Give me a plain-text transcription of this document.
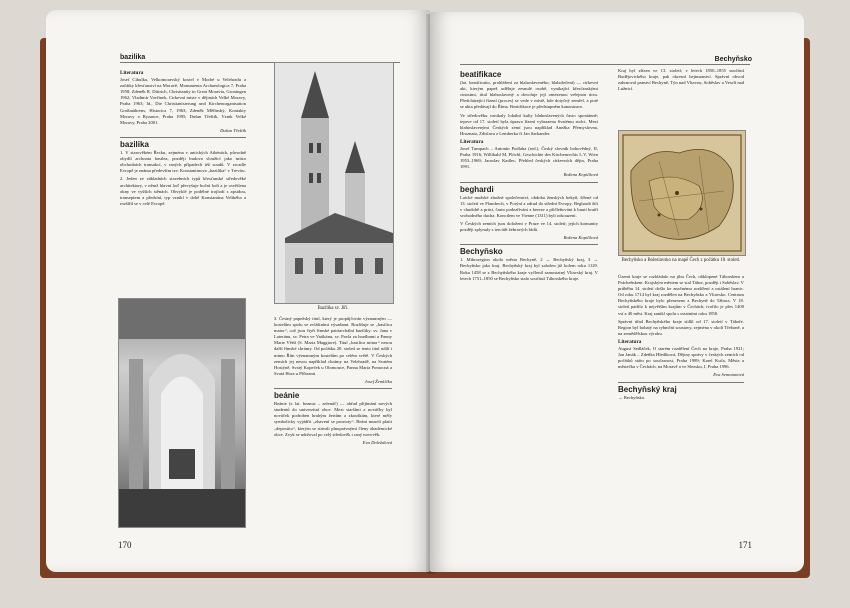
bazilika
Literatura

Josef Cibulka, Velkomoravský kostel v Modré u Velehradu a začátky křesťanství na Moravě, Monumenta Archaeologica 7, Praha 1958; Zdeněk R. Dittrich, Christianity in Great Moravia, Groningen 1962; Vladimír Vavřínek, Cirkevní misie v dějinách Velké Moravy, Praha 1963; Id., Die Christianisierung und Kirchenorganisation Großmährens, Historica 7, 1963; Zdeněk Měřínský, Kontakty Moravy a Byzance, Praha 1995; Dušan Třeštík, Vznik Velké Moravy, Praha 2001.

Dušan Třeštík
bazilika

1. V starověkém Řecku, zejména v antických Athénách, původně obydlí archonta basilea, později budova sloužící jako místo obchodních transakcí, v raných případech též soudů. V zrcadle Evropě je známa především tzv. Konstantinova „bazilika“ v Trevíru.

2. Jeden ze základních stavebních typů křesťanské středověké architektury, v němž hlavní loď převyšuje boční lodi a je osvětlena okny ve vyšších stěnách. Obvyklé je podélné trojlodí s apsidou, transeptem a předsíní, typ vznikl v době Konstantina Velikého a rozšířil se v celé Evropě.

Bazilika sv. Jiří.

3. Čestný papežský titul, který je propůjčován významným — kostelům spolu se zvláštními výsadami. Rozlišuje se „basilica maior“, což jsou čtyři římské patriarchální baziliky: sv. Jana v Lateránu, sv. Petra ve Vatikánu, sv. Pavla za hradbami a Panny Marie Větší (S. Maria Maggiore). Titul „basilica minor“ nesou další římské chrámy. Od počátku 20. století se tento titul udílí i mimo Řím významným kostelům po celém světě. V Českých zemích jej nesou například chrámy na Velehradě, na Svatém Hostýně, Svatý Kopeček u Olomouce, Panna Maria Pomocná a Svatá Hora u Příbrami.

Josef Žemlička
beánie

Beánie (z lat. beanus – zelenáč) — obřad přijímání nových studentů do univerzitní obce. Mezi staršími a nováčky byl nováček podroben hrubým žertům a zkouškám, které měly symbolicky vyjádřit „zbavení se prostoty“. Beáni museli platit „depositio“, kterým se stávali plnoprávnými členy akademické obce. Zvyk se udržoval po celý středověk i raný novověk.

Eva Doležalová
170
Bechyňsko
beatifikace

(lat. beatificatio, prohlášení za blahoslaveného; blahořečení) — církevní akt, kterým papež uděluje zesnulé osobě, vynikající křesťanskými ctnostmi, titul blahoslavený a dovoluje její omezenou veřejnou úctu. Předcházející řízení (proces) se vede v místě, kde dotyčný zemřel, a poté se akta předávají do Říma. Beatifikace je předstupněm kanonizace.

Ve středověku vznikaly lokální kulty blahoslavených často spontánně; teprve od 17. století byla úprava řízení vyhrazena Svatému stolci. Mezi blahoslavenými Českých zemí jsou například Anežka Přemyslovna, Hroznata, Zdislava z Lemberka či Jan Sarkander.

Literatura

Josef Tumpach – Antonín Podlaha (red.), Český slovník bohovědný, II, Praha 1916; Willibald M. Plöchl, Geschichte des Kirchenrechts I–V, Wien 1953–1969; Jaroslav Kadlec, Přehled českých církevních dějin, Praha 1991.

Božena Kopičková
beghardi

Laické mužské zbožné společenství, obdoba ženských bekyň, šířené od 13. století ve Flandrech, v Porýní a odtud do střední Evropy. Beghardi žili v chudobě a práci, často podezříváni z hereze a přičleňováni k hnutí bratří svobodného ducha. Koncilem ve Vienne (1311) byli odsouzeni.

V Českých zemích jsou doloženi v Praze ve 14. století; jejich komunity později splynuly s terciáři žebravých řádů.

Božena Kopičková
Bechyňsko

1. Mikroregion okolo města Bechyně, 2 → Bechyňský kraj, 3 → Bechyňsko jako kraj. Bechyňský kraj byl založen již kolem roku 1129. Roku 1458 se z Bechyňského kraje vyčlenil samostatný Vltavský kraj. V letech 1751–1850 se Bechyňsko stalo součástí Táborského kraje.

Kraj byl zřízen ve 13. století; v letech 1850–1855 součástí Budějovického kraje, pak okresní hejtmanství. Správní obvod zahrnoval panství Bechyně, Týn nad Vltavou, Soběslav a Veselí nad Lužnicí.

Bechyňsko a Boleslavsko na mapě Čech z počátku 18. století.

Území kraje se rozkládalo na jihu Čech, obklopené Táborskem a Prácheňskem. Krajským městem se stal Tábor, později i Soběslav. V průběhu 14. století došlo ke značnému rozšíření a ustálení hranic. Od roku 1714 byl kraj rozdělen na Bechyňsko a Vltavsko. Centrum Bechyňského kraje bylo přeneseno z Bechyně do Tábora. V 18. století patřilo k největším krajům v Čechách; tvořilo je přes 1400 vsí a 40 měst. Kraj zanikl spolu s ostatními roku 1850.

Správní úřad Bechyňského kraje sídlil od 17. století v Táboře. Region byl bohatý na rybniční soustavy, zejména v okolí Třeboně, a na zemědělskou výrobu.

Literatura

August Sedláček, O starém rozdělení Čech na kraje, Praha 1921; Jan Janák – Zdeňka Hledíková, Dějiny správy v českých zemích od počátků státu po současnost, Praha 1989; Karel Kuča, Města a městečka v Čechách, na Moravě a ve Slezsku, I, Praha 1996.

Eva Semotanová
Bechyňský kraj

→ Bechyňsko.

171
